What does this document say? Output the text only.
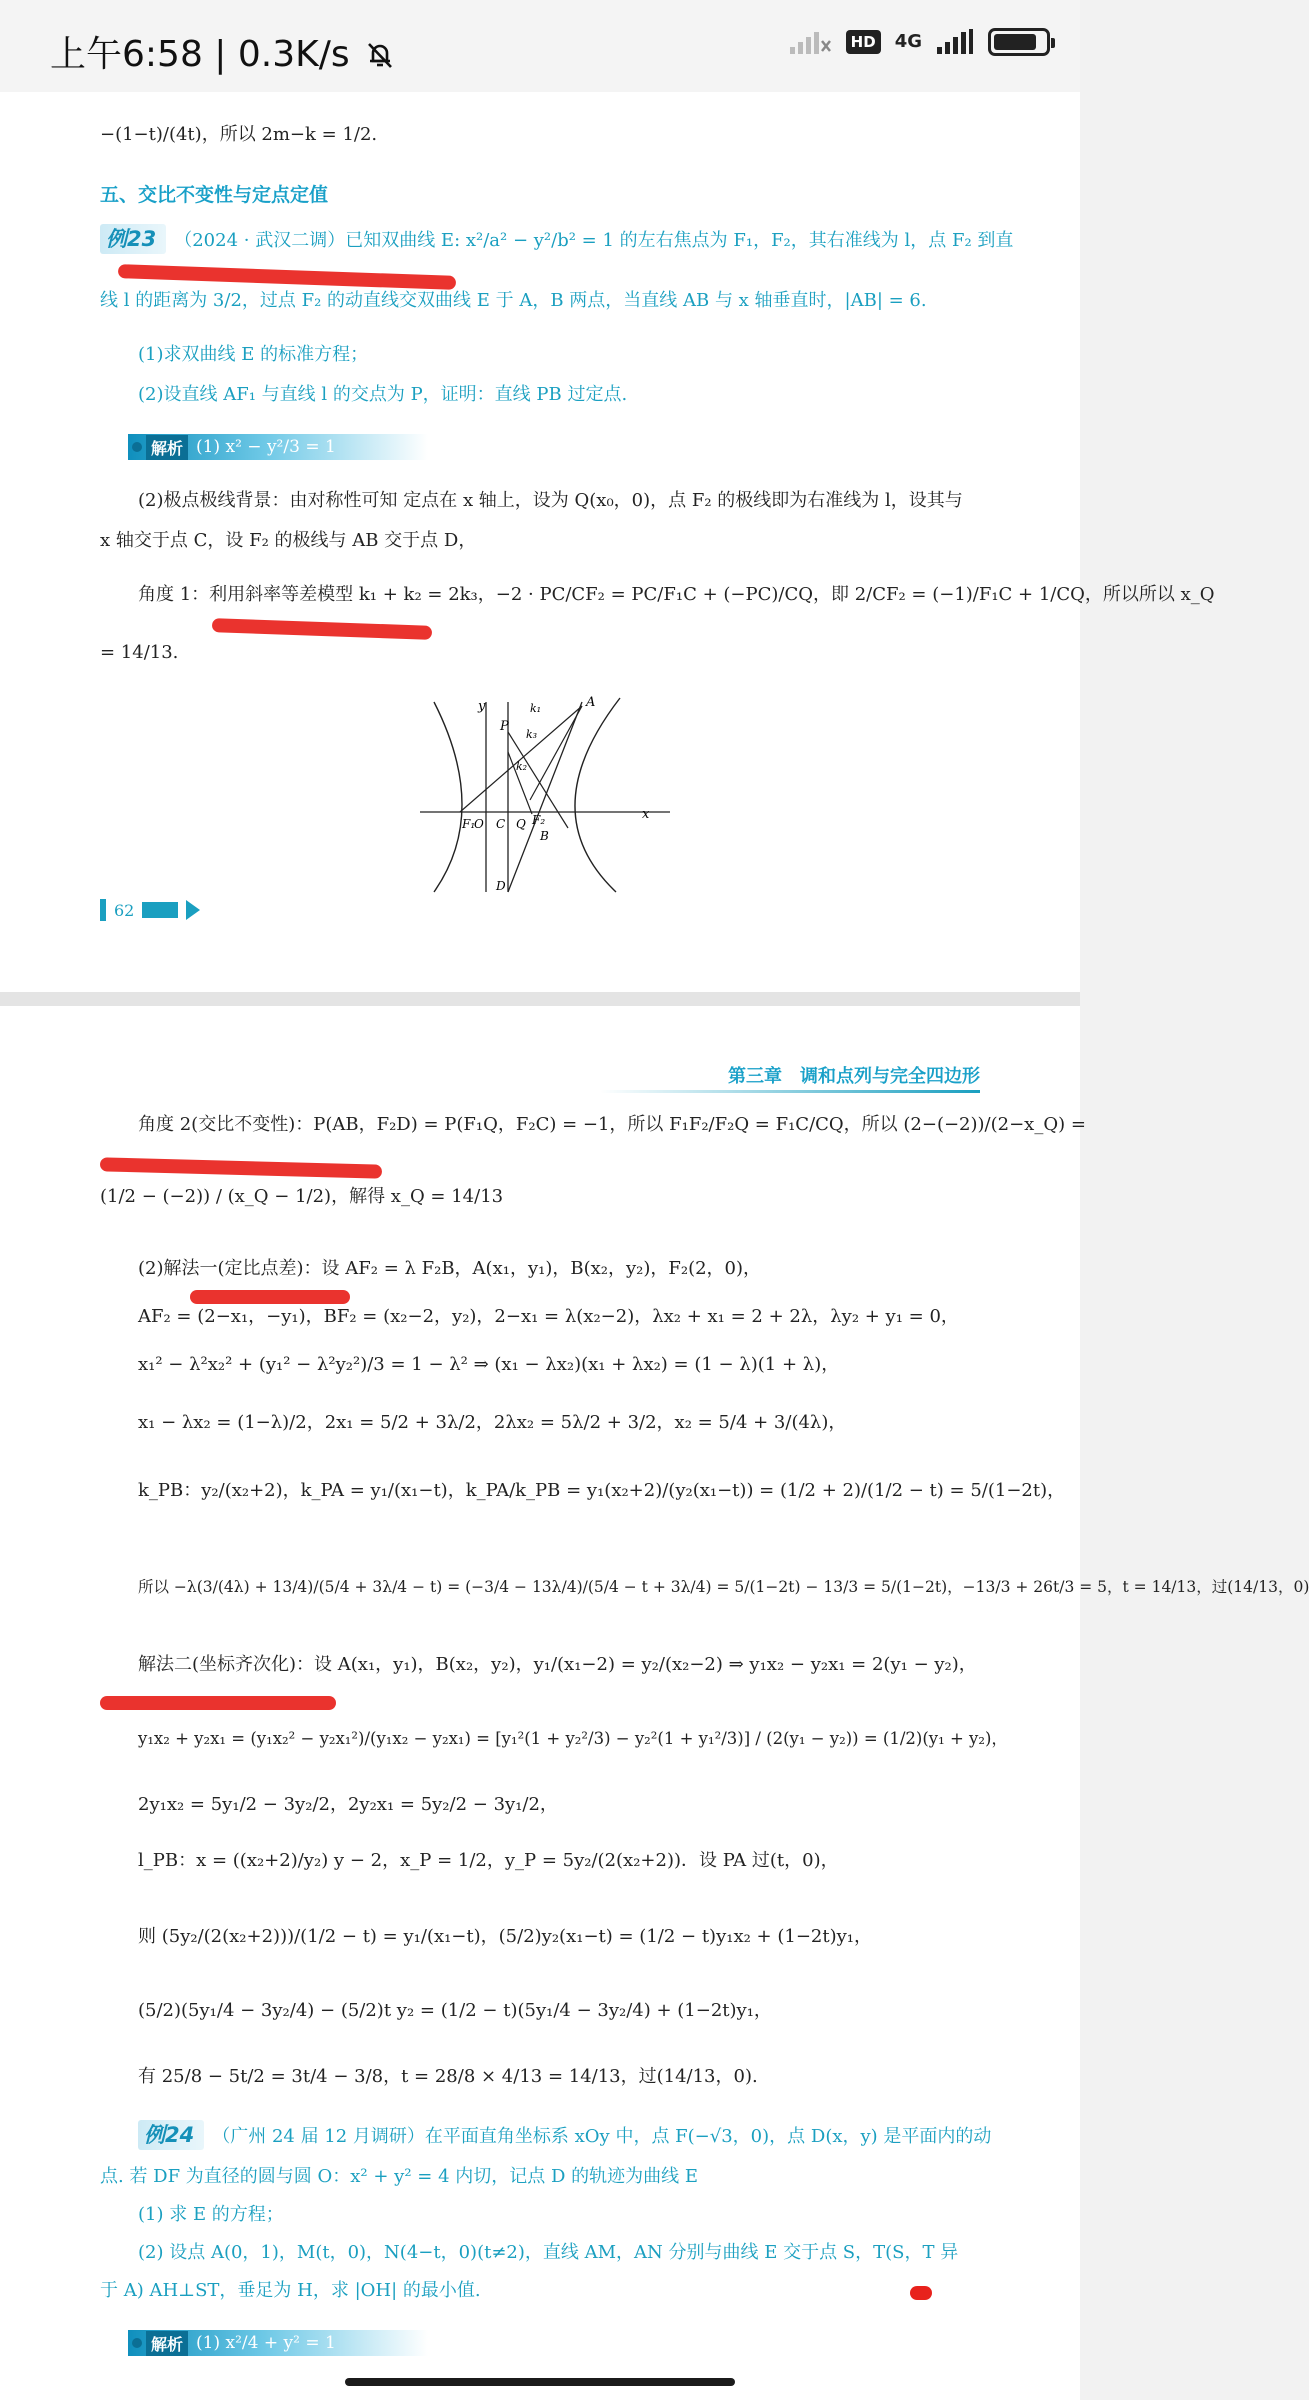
上午6:58 | 0.3K/s	HD 4G
−(1−t)/(4t)，所以 2m−k = 1/2.
五、交比不变性与定点定值
例23 （2024 · 武汉二调）已知双曲线 E: x²/a² − y²/b² = 1 的左右焦点为 F₁，F₂，其右准线为 l，点 F₂ 到直
线 l 的距离为 3/2，过点 F₂ 的动直线交双曲线 E 于 A，B 两点，当直线 AB 与 x 轴垂直时，|AB| = 6.
(1)求双曲线 E 的标准方程；
(2)设直线 AF₁ 与直线 l 的交点为 P，证明：直线 PB 过定点.
解析 (1) x² − y²/3 = 1
(2)极点极线背景：由对称性可知 定点在 x 轴上，设为 Q(x₀，0)，点 F₂ 的极线即为右准线为 l，设其与
x 轴交于点 C，设 F₂ 的极线与 AB 交于点 D，
角度 1：利用斜率等差模型 k₁ + k₂ = 2k₃，−2 · PC/CF₂ = PC/F₁C + (−PC)/CQ，即 2/CF₂ = (−1)/F₁C + 1/CQ，所以所以 x_Q
= 14/13.
y	A
k₁
P
k₃
k₂
F₁
O C Q F₂	x
B
D
62
第三章　调和点列与完全四边形
角度 2(交比不变性)：P(AB，F₂D) = P(F₁Q，F₂C) = −1，所以 F₁F₂/F₂Q = F₁C/CQ，所以 (2−(−2))/(2−x_Q) =
(1/2 − (−2)) / (x_Q − 1/2)，解得 x_Q = 14/13
(2)解法一(定比点差)：设 AF₂ = λ F₂B，A(x₁，y₁)，B(x₂，y₂)，F₂(2，0)，
AF₂ = (2−x₁，−y₁)，BF₂ = (x₂−2，y₂)，2−x₁ = λ(x₂−2)，λx₂ + x₁ = 2 + 2λ，λy₂ + y₁ = 0，
x₁² − λ²x₂² + (y₁² − λ²y₂²)/3 = 1 − λ² ⇒ (x₁ − λx₂)(x₁ + λx₂) = (1 − λ)(1 + λ)，
x₁ − λx₂ = (1−λ)/2，2x₁ = 5/2 + 3λ/2，2λx₂ = 5λ/2 + 3/2，x₂ = 5/4 + 3/(4λ)，
k_PB：y₂/(x₂+2)，k_PA = y₁/(x₁−t)，k_PA/k_PB = y₁(x₂+2)/(y₂(x₁−t)) = (1/2 + 2)/(1/2 − t) = 5/(1−2t)，
所以 −λ(3/(4λ) + 13/4)/(5/4 + 3λ/4 − t) = (−3/4 − 13λ/4)/(5/4 − t + 3λ/4) = 5/(1−2t) − 13/3 = 5/(1−2t)，−13/3 + 26t/3 = 5，t = 14/13，过(14/13，0)
解法二(坐标齐次化)：设 A(x₁，y₁)，B(x₂，y₂)，y₁/(x₁−2) = y₂/(x₂−2) ⇒ y₁x₂ − y₂x₁ = 2(y₁ − y₂)，
y₁x₂ + y₂x₁ = (y₁x₂² − y₂x₁²)/(y₁x₂ − y₂x₁) = [y₁²(1 + y₂²/3) − y₂²(1 + y₁²/3)] / (2(y₁ − y₂)) = (1/2)(y₁ + y₂)，
2y₁x₂ = 5y₁/2 − 3y₂/2，2y₂x₁ = 5y₂/2 − 3y₁/2，
l_PB：x = ((x₂+2)/y₂) y − 2，x_P = 1/2，y_P = 5y₂/(2(x₂+2))．设 PA 过(t，0)，
则 (5y₂/(2(x₂+2)))/(1/2 − t) = y₁/(x₁−t)，(5/2)y₂(x₁−t) = (1/2 − t)y₁x₂ + (1−2t)y₁，
(5/2)(5y₁/4 − 3y₂/4) − (5/2)t y₂ = (1/2 − t)(5y₁/4 − 3y₂/4) + (1−2t)y₁，
有 25/8 − 5t/2 = 3t/4 − 3/8，t = 28/8 × 4/13 = 14/13，过(14/13，0).
例24 （广州 24 届 12 月调研）在平面直角坐标系 xOy 中，点 F(−√3，0)，点 D(x，y) 是平面内的动
点. 若 DF 为直径的圆与圆 O：x² + y² = 4 内切，记点 D 的轨迹为曲线 E
(1) 求 E 的方程；
(2) 设点 A(0，1)，M(t，0)，N(4−t，0)(t≠2)，直线 AM，AN 分别与曲线 E 交于点 S，T(S，T 异
于 A) AH⊥ST，垂足为 H，求 |OH| 的最小值.
解析 (1) x²/4 + y² = 1
